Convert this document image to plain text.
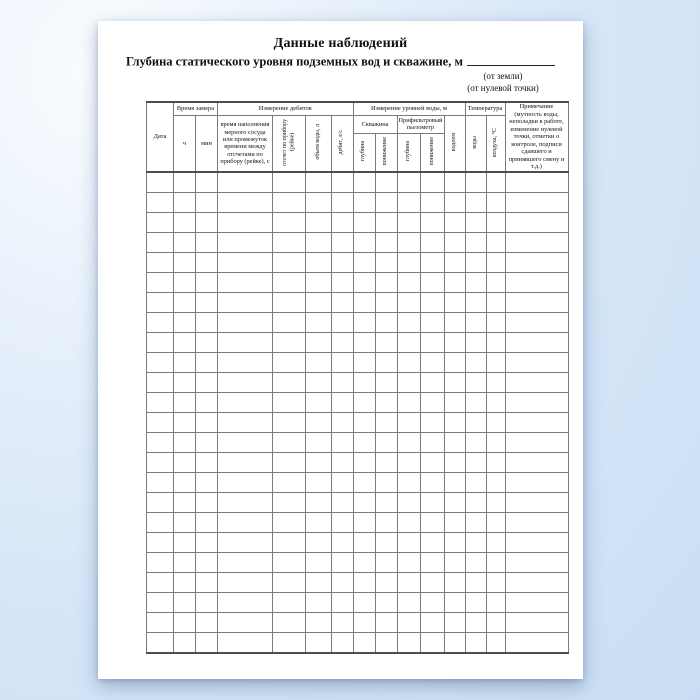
Данные наблюдений
Глубина статического уровня подземных вод и скважине, м
(от земли)
(от нулевой точки)
Дата	Время замера		Измерение дебитов				Измерение уровней воды, м					Температура		Примечание (мутность воды, неполадки в работе, изменение нулевой точки, отметки о контроле, подписи сдавшего и принявшего смену и т.д.)
	ч	мин	время наполнения мерного сосуда или промежуток времени между отсчетами по прибору (рейке), с	отсчет по прибору (рейке)	объем воды, л	дебит, л/с	Скважина		Прифильтровый пьезометр		водоем	воды	воздуха, °С	
							глубина	понижение	глубина	понижение				
